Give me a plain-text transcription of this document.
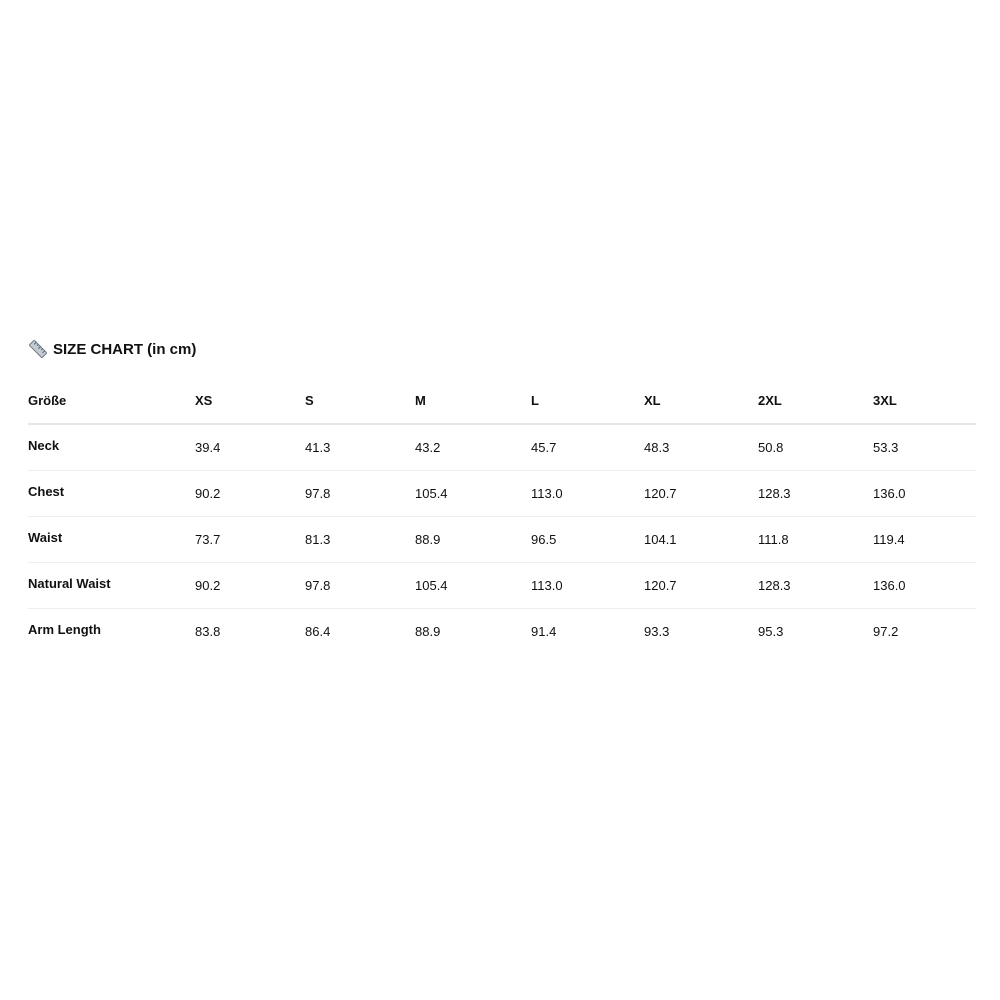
SIZE CHART (in cm)
Größe	XS	S	M	L	XL	2XL	3XL
Neck	39.4	41.3	43.2	45.7	48.3	50.8	53.3
Chest	90.2	97.8	105.4	113.0	120.7	128.3	136.0
Waist	73.7	81.3	88.9	96.5	104.1	111.8	119.4
Natural Waist	90.2	97.8	105.4	113.0	120.7	128.3	136.0
Arm Length	83.8	86.4	88.9	91.4	93.3	95.3	97.2
